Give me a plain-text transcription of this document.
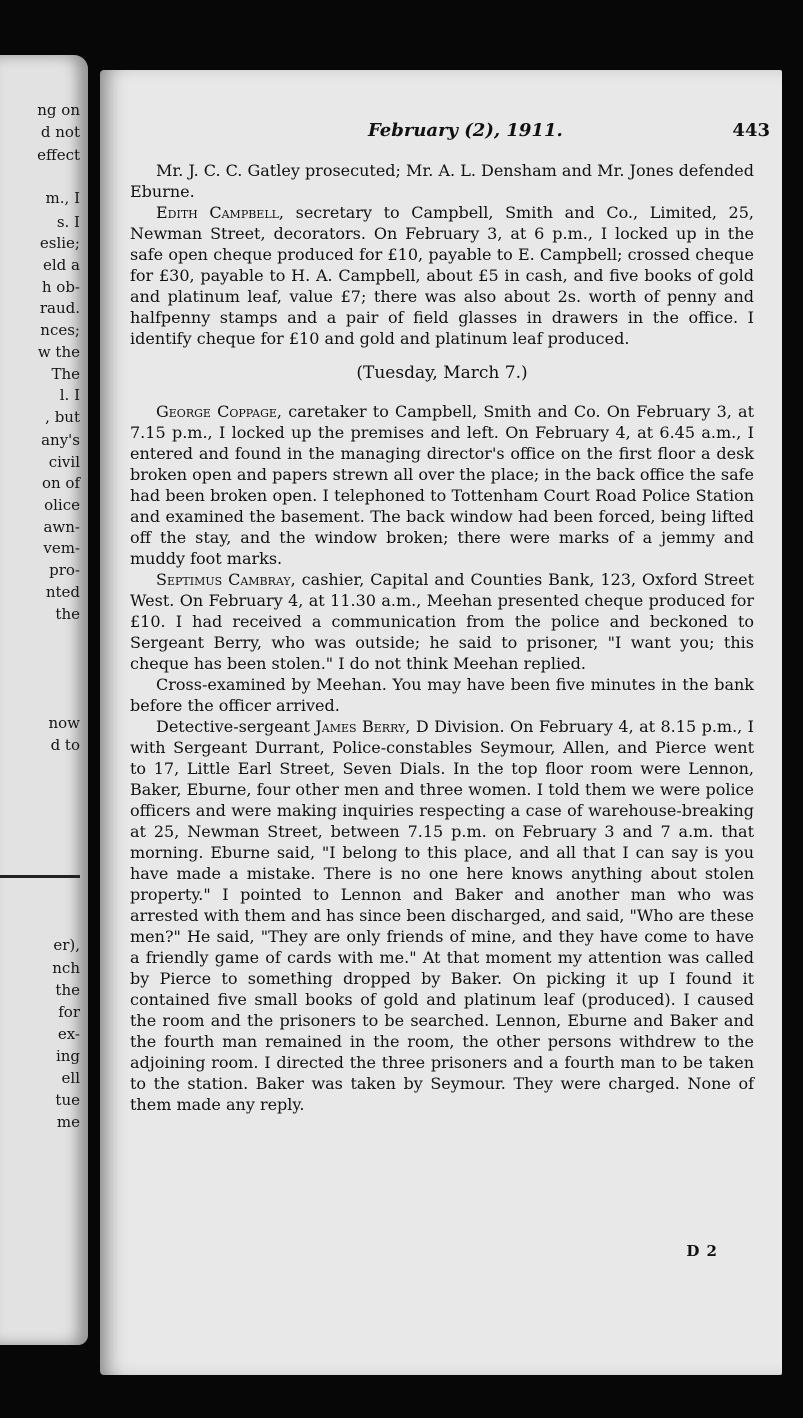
ng on
d not
effect
m., I
s. I
eslie;
eld a
h ob-
raud.
nces;
w the
The
l. I
, but
any's
civil
on of
olice
awn-
vem-
pro-
nted
the
now
d to
er),
nch
the
for
ex-
ing
ell
tue
me
February (2), 1911.	443

Mr. J. C. C. Gatley prosecuted; Mr. A. L. Densham and Mr. Jones defended Eburne.

Edith Campbell, secretary to Campbell, Smith and Co., Limited, 25, Newman Street, decorators. On February 3, at 6 p.m., I locked up in the safe open cheque produced for £10, payable to E. Campbell; crossed cheque for £30, payable to H. A. Campbell, about £5 in cash, and five books of gold and platinum leaf, value £7; there was also about 2s. worth of penny and halfpenny stamps and a pair of field glasses in drawers in the office. I identify cheque for £10 and gold and platinum leaf produced.

(Tuesday, March 7.)

George Coppage, caretaker to Campbell, Smith and Co. On February 3, at 7.15 p.m., I locked up the premises and left. On February 4, at 6.45 a.m., I entered and found in the managing director's office on the first floor a desk broken open and papers strewn all over the place; in the back office the safe had been broken open. I telephoned to Tottenham Court Road Police Station and examined the basement. The back window had been forced, being lifted off the stay, and the window broken; there were marks of a jemmy and muddy foot marks.

Septimus Cambray, cashier, Capital and Counties Bank, 123, Oxford Street West. On February 4, at 11.30 a.m., Meehan presented cheque produced for £10. I had received a communication from the police and beckoned to Sergeant Berry, who was outside; he said to prisoner, "I want you; this cheque has been stolen." I do not think Meehan replied.

Cross-examined by Meehan. You may have been five minutes in the bank before the officer arrived.

Detective-sergeant James Berry, D Division. On February 4, at 8.15 p.m., I with Sergeant Durrant, Police-constables Seymour, Allen, and Pierce went to 17, Little Earl Street, Seven Dials. In the top floor room were Lennon, Baker, Eburne, four other men and three women. I told them we were police officers and were making inquiries respecting a case of warehouse-breaking at 25, Newman Street, between 7.15 p.m. on February 3 and 7 a.m. that morning. Eburne said, "I belong to this place, and all that I can say is you have made a mistake. There is no one here knows anything about stolen property." I pointed to Lennon and Baker and another man who was arrested with them and has since been discharged, and said, "Who are these men?" He said, "They are only friends of mine, and they have come to have a friendly game of cards with me." At that moment my attention was called by Pierce to something dropped by Baker. On picking it up I found it contained five small books of gold and platinum leaf (produced). I caused the room and the prisoners to be searched. Lennon, Eburne and Baker and the fourth man remained in the room, the other persons withdrew to the adjoining room. I directed the three prisoners and a fourth man to be taken to the station. Baker was taken by Seymour. They were charged. None of them made any reply.

D 2
